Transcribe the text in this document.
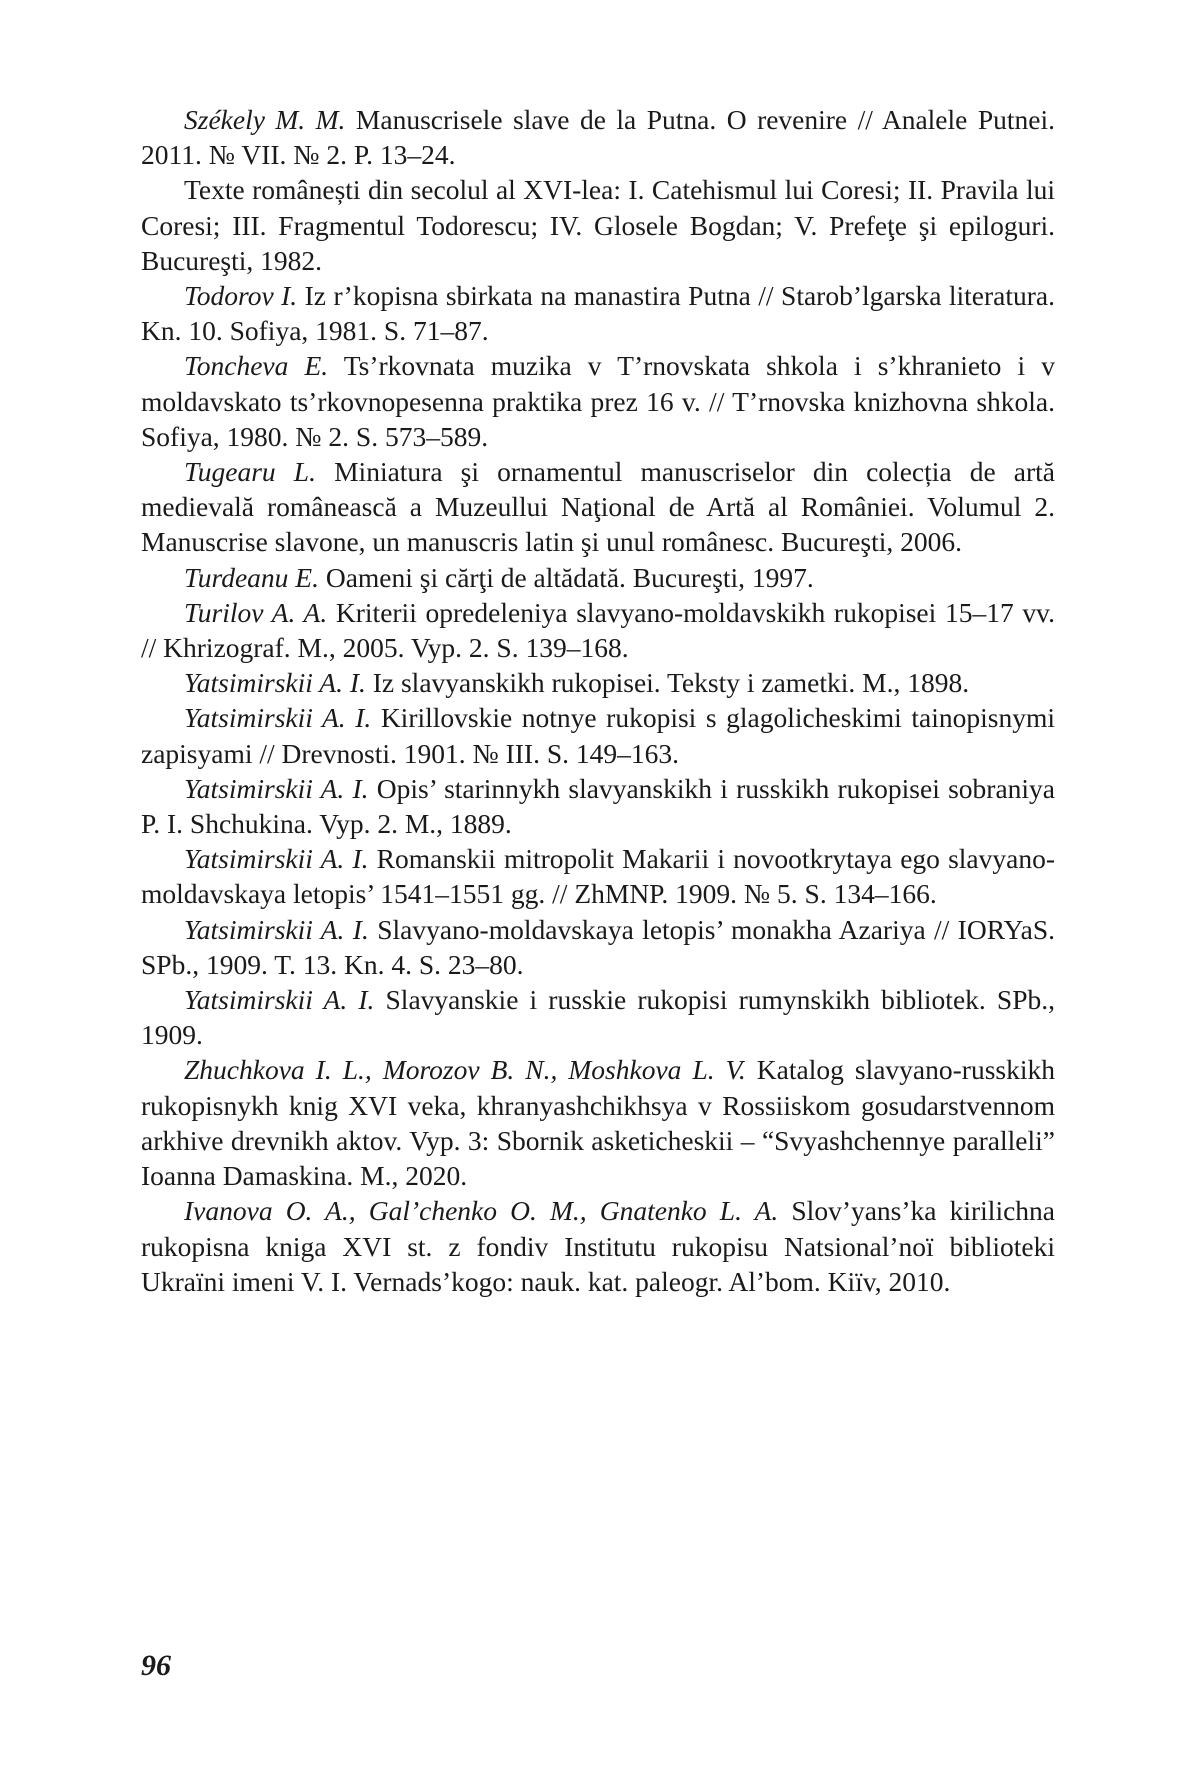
Székely M. M. Manuscrisele slave de la Putna. O revenire // Analele Putnei. 2011. № VII. № 2. P. 13–24.
Texte românești din secolul al XVI-lea: I. Catehismul lui Coresi; II. Pravila lui Coresi; III. Fragmentul Todorescu; IV. Glosele Bogdan; V. Prefeţe şi epiloguri. Bucureşti, 1982.
Todorov I. Iz r’kopisna sbirkata na manastira Putna // Starob’lgarska literatura. Kn. 10. Sofiya, 1981. S. 71–87.
Toncheva E. Ts’rkovnata muzika v T’rnovskata shkola i s’khranieto i v moldavskato ts’rkovnopesenna praktika prez 16 v. // T’rnovska knizhovna shkola. Sofiya, 1980. № 2. S. 573–589.
Tugearu L. Miniatura şi ornamentul manuscriselor din colecția de artă medievală românească a Muzeullui Naţional de Artă al României. Volumul 2. Manuscrise slavone, un manuscris latin şi unul românesc. Bucureşti, 2006.
Turdeanu E. Oameni şi cărţi de altădată. Bucureşti, 1997.
Turilov A. A. Kriterii opredeleniya slavyano-moldavskikh rukopisei 15–17 vv. // Khrizograf. M., 2005. Vyp. 2. S. 139–168.
Yatsimirskii A. I. Iz slavyanskikh rukopisei. Teksty i zametki. M., 1898.
Yatsimirskii A. I. Kirillovskie notnye rukopisi s glagolicheskimi tainopisnymi zapisyami // Drevnosti. 1901. № III. S. 149–163.
Yatsimirskii A. I. Opis’ starinnykh slavyanskikh i russkikh rukopisei sobraniya P. I. Shchukina. Vyp. 2. M., 1889.
Yatsimirskii A. I. Romanskii mitropolit Makarii i novootkrytaya ego slavyano-moldavskaya letopis’ 1541–1551 gg. // ZhMNP. 1909. № 5. S. 134–166.
Yatsimirskii A. I. Slavyano-moldavskaya letopis’ monakha Azariya // IORYaS. SPb., 1909. T. 13. Kn. 4. S. 23–80.
Yatsimirskii A. I. Slavyanskie i russkie rukopisi rumynskikh bibliotek. SPb., 1909.
Zhuchkova I. L., Morozov B. N., Moshkova L. V. Katalog slavyano-russkikh rukopisnykh knig XVI veka, khranyashchikhsya v Rossiiskom gosudarstvennom arkhive drevnikh aktov. Vyp. 3: Sbornik asketicheskii – “Svyashchennye paralleli” Ioanna Damaskina. M., 2020.
Ivanova O. A., Gal’chenko O. M., Gnatenko L. A. Slov’yans’ka kirilichna rukopisna kniga XVI st. z fondiv Institutu rukopisu Natsional’noï biblioteki Ukraïni imeni V. I. Vernads’kogo: nauk. kat. paleogr. Al’bom. Kiïv, 2010.
96
